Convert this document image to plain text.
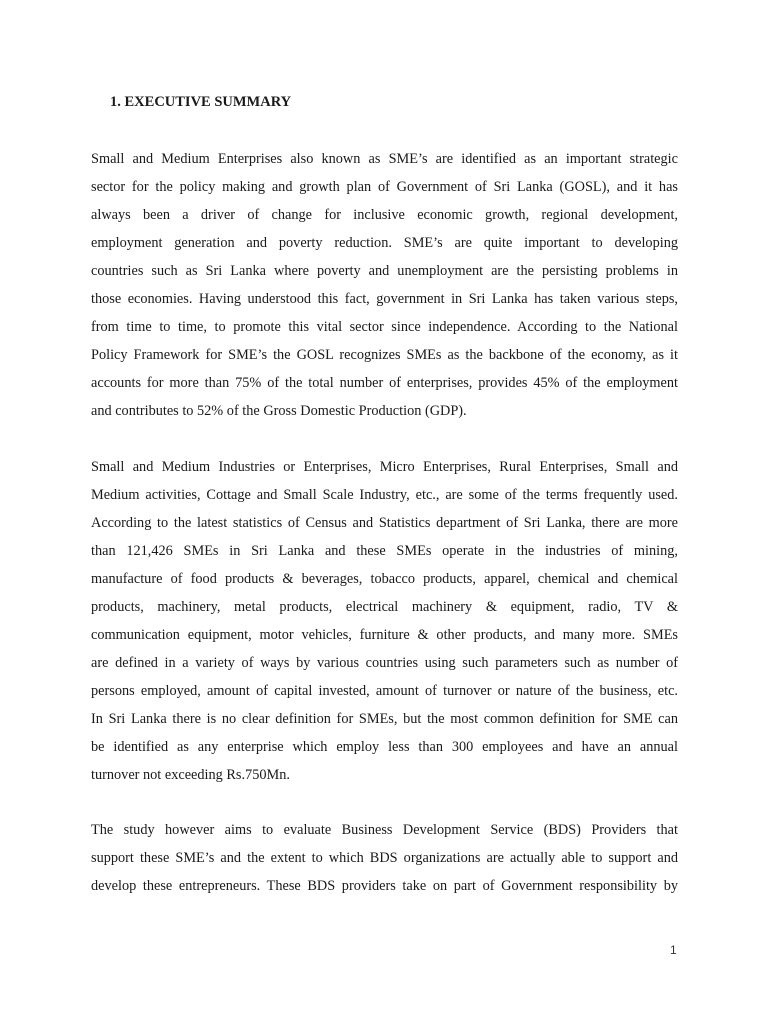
1. EXECUTIVE SUMMARY
Small and Medium Enterprises also known as SME’s are identified as an important strategic
sector for the policy making and growth plan of Government of Sri Lanka (GOSL), and it has
always been a driver of change for inclusive economic growth, regional development,
employment generation and poverty reduction. SME’s are quite important to developing
countries such as Sri Lanka where poverty and unemployment are the persisting problems in
those economies. Having understood this fact, government in Sri Lanka has taken various steps,
from time to time, to promote this vital sector since independence. According to the National
Policy Framework for SME’s the GOSL recognizes SMEs as the backbone of the economy, as it
accounts for more than 75% of the total number of enterprises, provides 45% of the employment
and contributes to 52% of the Gross Domestic Production (GDP).
Small and Medium Industries or Enterprises, Micro Enterprises, Rural Enterprises, Small and
Medium activities, Cottage and Small Scale Industry, etc., are some of the terms frequently used.
According to the latest statistics of Census and Statistics department of Sri Lanka, there are more
than 121,426 SMEs in Sri Lanka and these SMEs operate in the industries of mining,
manufacture of food products & beverages, tobacco products, apparel, chemical and chemical
products, machinery, metal products, electrical machinery & equipment, radio, TV &
communication equipment, motor vehicles, furniture & other products, and many more. SMEs
are defined in a variety of ways by various countries using such parameters such as number of
persons employed, amount of capital invested, amount of turnover or nature of the business, etc.
In Sri Lanka there is no clear definition for SMEs, but the most common definition for SME can
be identified as any enterprise which employ less than 300 employees and have an annual
turnover not exceeding Rs.750Mn.
The study however aims to evaluate Business Development Service (BDS) Providers that
support these SME’s and the extent to which BDS organizations are actually able to support and
develop these entrepreneurs. These BDS providers take on part of Government responsibility by
1
